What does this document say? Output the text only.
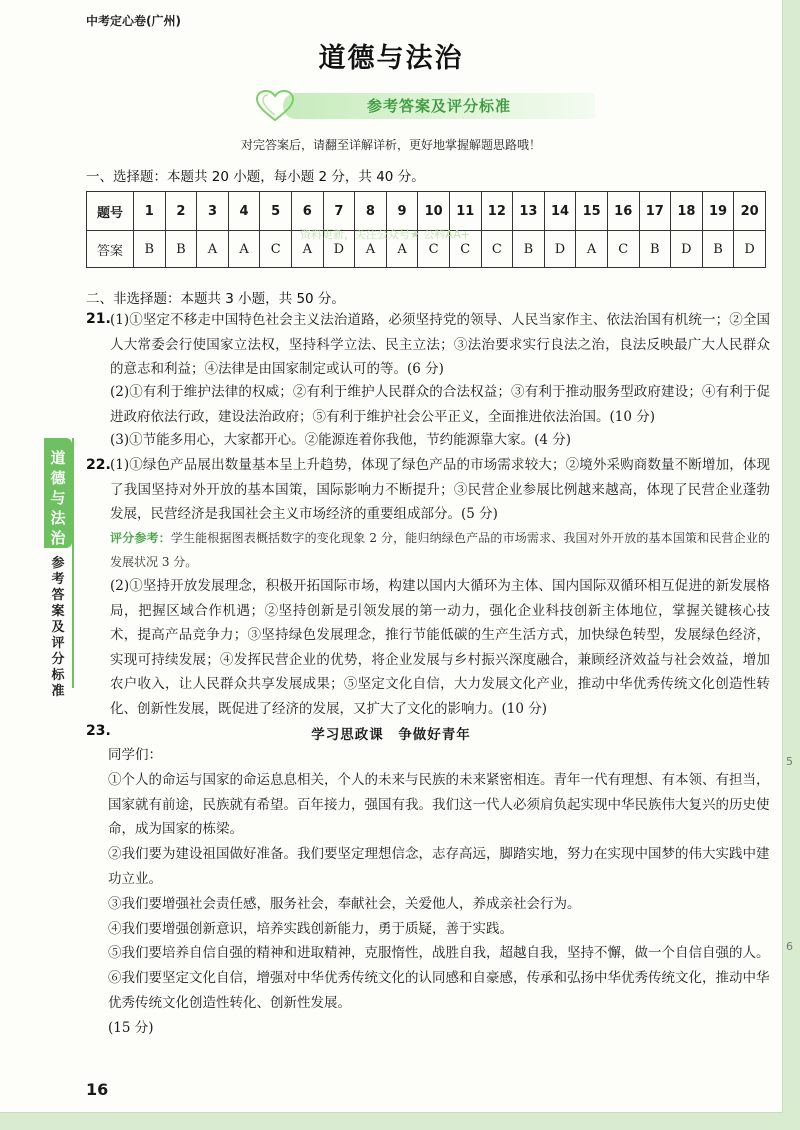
中考定心卷(广州)
道德与法治
参考答案及评分标准
对完答案后，请翻至详解详析，更好地掌握解题思路哦！
一、选择题：本题共 20 小题，每小题 2 分，共 40 分。
题号	1	2	3	4	5	6	7	8	9	10	11	12	13	14	15	16	17	18	19	20
答案	B	B	A	A	C	A	D	A	A	C	C	C	B	D	A	C	B	D	B	D
资料更新，关注公众号★ 公科AA+
二、非选择题：本题共 3 小题，共 50 分。
21. (1)①坚定不移走中国特色社会主义法治道路，必须坚持党的领导、人民当家作主、依法治国有机统一；②全国人大常委会行使国家立法权，坚持科学立法、民主立法；③法治要求实行良法之治，良法反映最广大人民群众的意志和利益；④法律是由国家制定或认可的等。(6 分)
(2)①有利于维护法律的权威；②有利于维护人民群众的合法权益；③有利于推动服务型政府建设；④有利于促进政府依法行政，建设法治政府；⑤有利于维护社会公平正义，全面推进依法治国。(10 分)
(3)①节能多用心，大家都开心。②能源连着你我他，节约能源靠大家。(4 分)
22. (1)①绿色产品展出数量基本呈上升趋势，体现了绿色产品的市场需求较大；②境外采购商数量不断增加，体现了我国坚持对外开放的基本国策，国际影响力不断提升；③民营企业参展比例越来越高，体现了民营企业蓬勃发展，民营经济是我国社会主义市场经济的重要组成部分。(5 分)
评分参考：学生能根据图表概括数字的变化现象 2 分，能归纳绿色产品的市场需求、我国对外开放的基本国策和民营企业的发展状况 3 分。
(2)①坚持开放发展理念，积极开拓国际市场，构建以国内大循环为主体、国内国际双循环相互促进的新发展格局，把握区域合作机遇；②坚持创新是引领发展的第一动力，强化企业科技创新主体地位，掌握关键核心技术，提高产品竞争力；③坚持绿色发展理念，推行节能低碳的生产生活方式，加快绿色转型，发展绿色经济，实现可持续发展；④发挥民营企业的优势，将企业发展与乡村振兴深度融合，兼顾经济效益与社会效益，增加农户收入，让人民群众共享发展成果；⑤坚定文化自信，大力发展文化产业，推动中华优秀传统文化创造性转化、创新性发展，既促进了经济的发展，又扩大了文化的影响力。(10 分)
23.	学习思政课　争做好青年

同学们：

①个人的命运与国家的命运息息相关，个人的未来与民族的未来紧密相连。青年一代有理想、有本领、有担当，国家就有前途，民族就有希望。百年接力，强国有我。我们这一代人必须肩负起实现中华民族伟大复兴的历史使命，成为国家的栋梁。

②我们要为建设祖国做好准备。我们要坚定理想信念，志存高远，脚踏实地，努力在实现中国梦的伟大实践中建功立业。

③我们要增强社会责任感，服务社会，奉献社会，关爱他人，养成亲社会行为。

④我们要增强创新意识，培养实践创新能力，勇于质疑，善于实践。

⑤我们要培养自信自强的精神和进取精神，克服惰性，战胜自我，超越自我，坚持不懈，做一个自信自强的人。

⑥我们要坚定文化自信，增强对中华优秀传统文化的认同感和自豪感，传承和弘扬中华优秀传统文化，推动中华优秀传统文化创造性转化、创新性发展。

(15 分)

道德与法治
参考答案及评分标准
16
5
6
